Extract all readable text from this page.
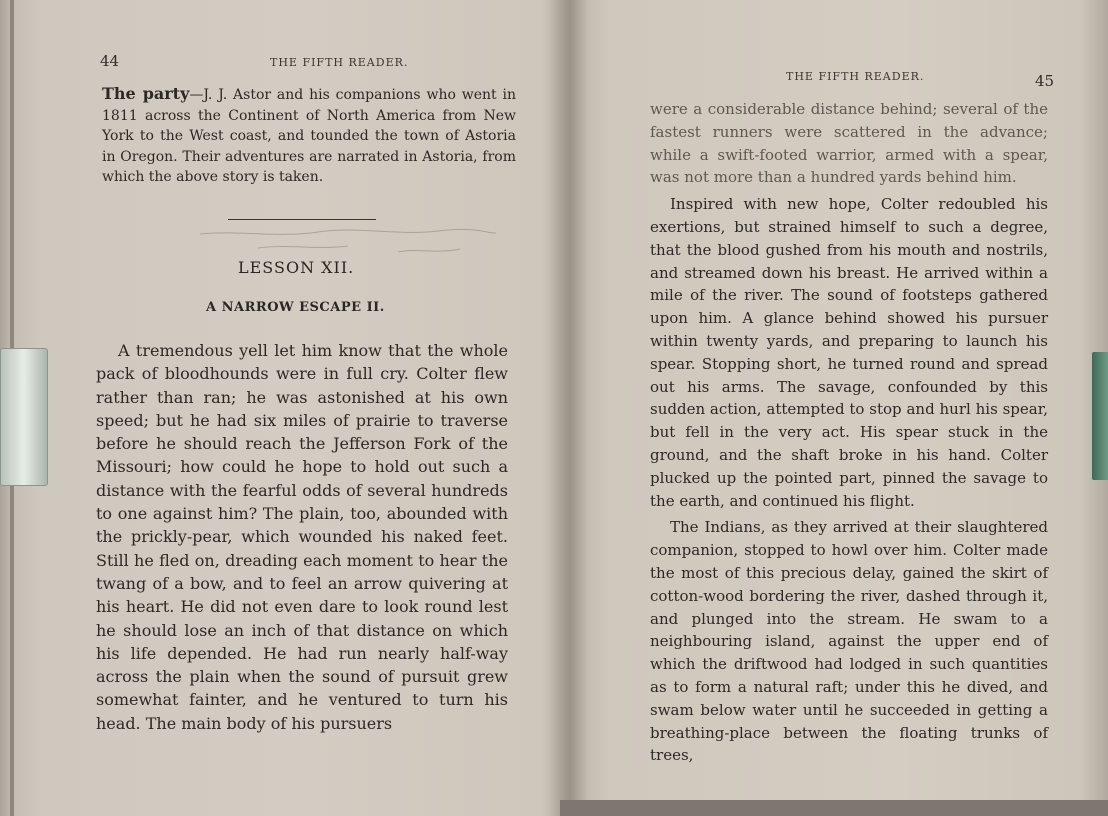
44	THE FIFTH READER.
The party—J. J. Astor and his companions who went in 1811 across the Continent of North America from New York to the West coast, and tounded the town of Astoria in Oregon. Their adventures are narrated in Astoria, from which the above story is taken.
LESSON XII.
A NARROW ESCAPE II.
A tremendous yell let him know that the whole pack of bloodhounds were in full cry. Colter flew rather than ran; he was astonished at his own speed; but he had six miles of prairie to traverse before he should reach the Jefferson Fork of the Missouri; how could he hope to hold out such a distance with the fearful odds of several hundreds to one against him? The plain, too, abounded with the prickly-pear, which wounded his naked feet. Still he fled on, dreading each moment to hear the twang of a bow, and to feel an arrow quivering at his heart. He did not even dare to look round lest he should lose an inch of that distance on which his life depended. He had run nearly half-way across the plain when the sound of pursuit grew somewhat fainter, and he ventured to turn his head. The main body of his pursuers
THE FIFTH READER.	45

were a considerable distance behind; several of the fastest runners were scattered in the advance; while a swift-footed warrior, armed with a spear, was not more than a hundred yards behind him.

Inspired with new hope, Colter redoubled his exertions, but strained himself to such a degree, that the blood gushed from his mouth and nostrils, and streamed down his breast. He arrived within a mile of the river. The sound of footsteps gathered upon him. A glance behind showed his pursuer within twenty yards, and preparing to launch his spear. Stopping short, he turned round and spread out his arms. The savage, confounded by this sudden action, attempted to stop and hurl his spear, but fell in the very act. His spear stuck in the ground, and the shaft broke in his hand. Colter plucked up the pointed part, pinned the savage to the earth, and continued his flight.

The Indians, as they arrived at their slaughtered companion, stopped to howl over him. Colter made the most of this precious delay, gained the skirt of cotton-wood bordering the river, dashed through it, and plunged into the stream. He swam to a neighbouring island, against the upper end of which the driftwood had lodged in such quantities as to form a natural raft; under this he dived, and swam below water until he succeeded in getting a breathing-place between the floating trunks of trees,
